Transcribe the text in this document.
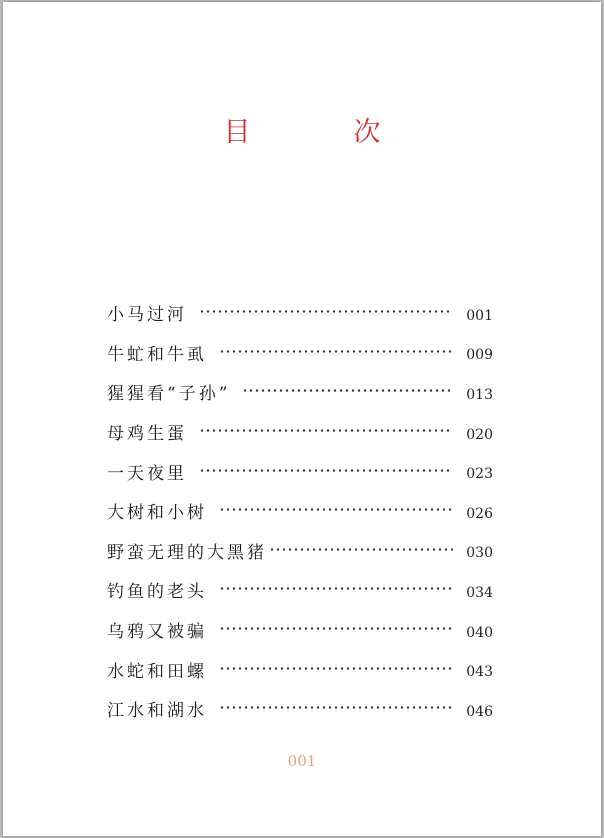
目　次
小马过河	001
牛虻和牛虱	009
猩猩看“子孙”	013
母鸡生蛋	020
一天夜里	023
大树和小树	026
野蛮无理的大黑猪	030
钓鱼的老头	034
乌鸦又被骗	040
水蛇和田螺	043
江水和湖水	046
001
